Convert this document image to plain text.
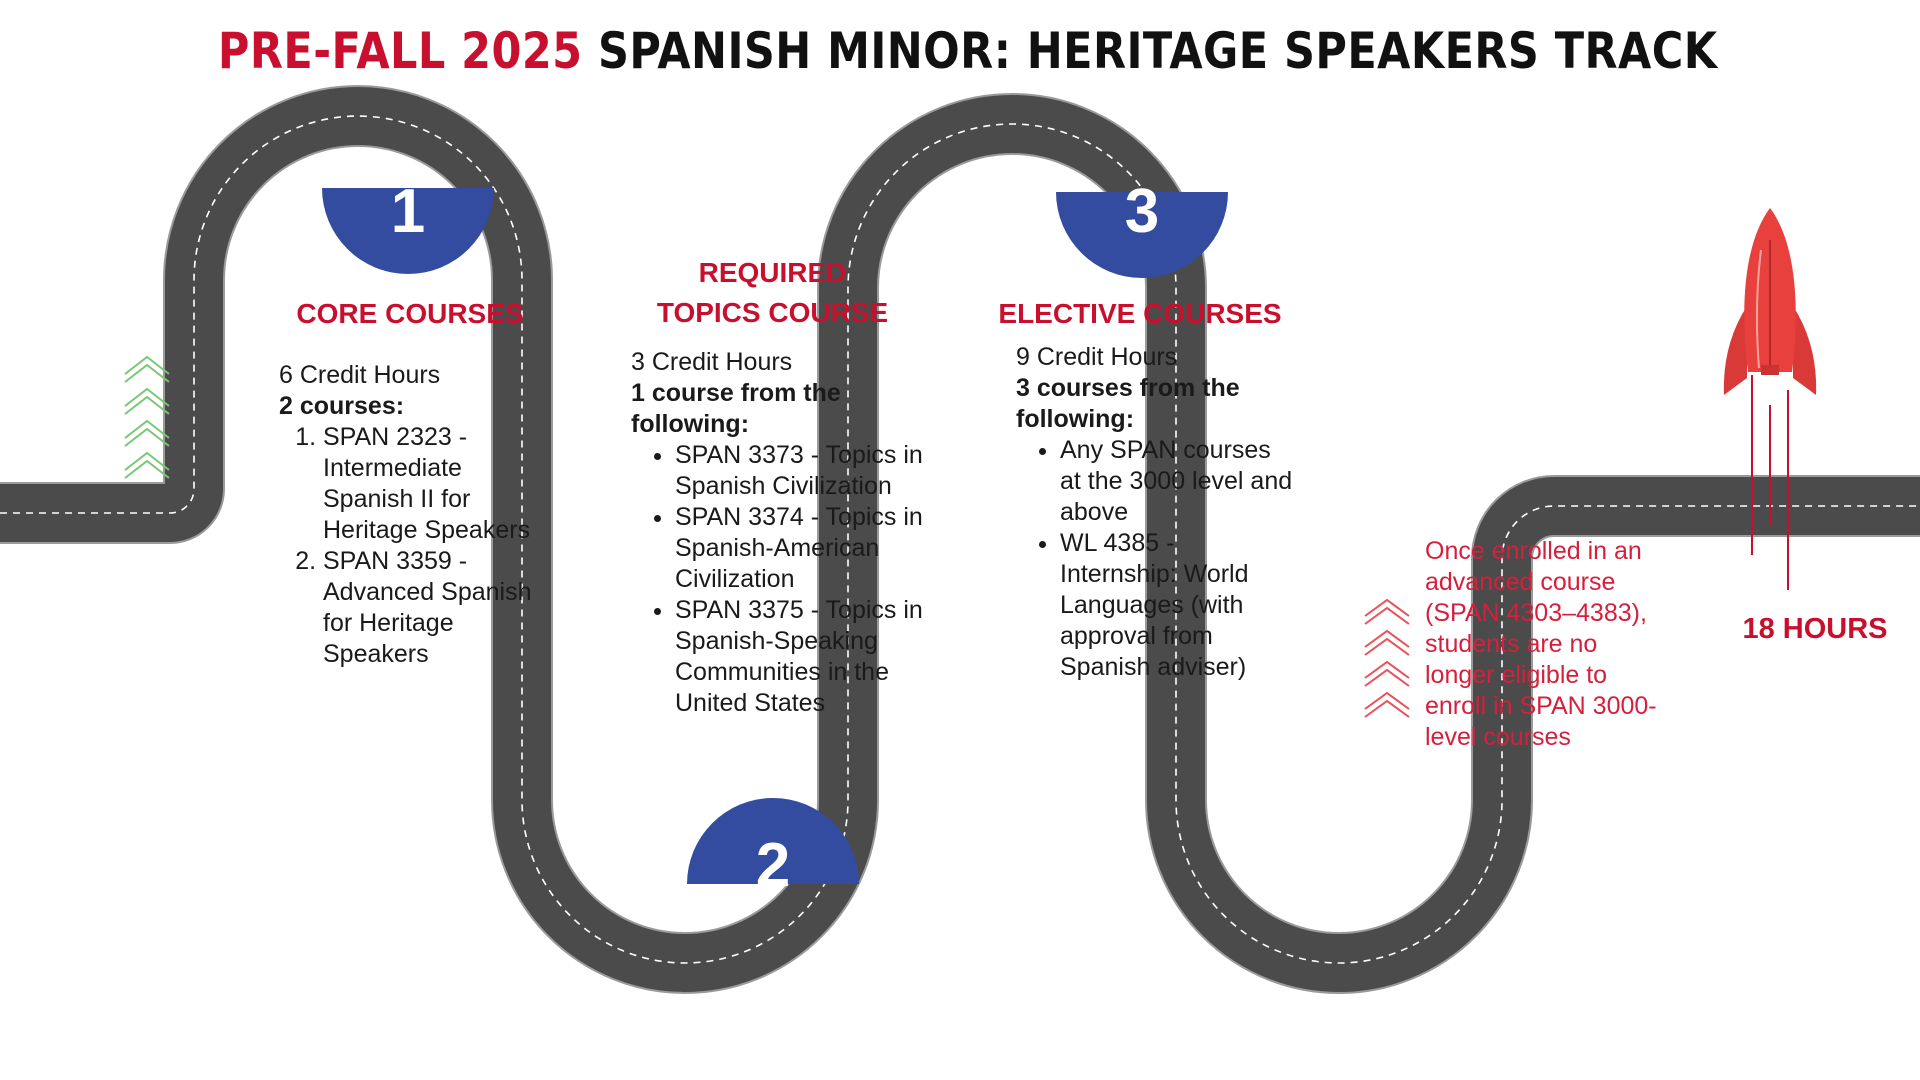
PRE-FALL 2025 SPANISH MINOR: HERITAGE SPEAKERS TRACK
1
2
3
CORE COURSES
REQUIRED
TOPICS COURSE	ELECTIVE COURSES
6 Credit Hours
2 courses:
1. SPAN 2323 - Intermediate Spanish II for Heritage Speakers
2. SPAN 3359 - Advanced Spanish for Heritage Speakers
3 Credit Hours
1 course from the following:
• SPAN 3373 - Topics in Spanish Civilization
• SPAN 3374 - Topics in Spanish-American Civilization
• SPAN 3375 - Topics in Spanish-Speaking Communities in the United States
9 Credit Hours
3 courses from the following:
• Any SPAN courses at the 3000 level and above
• WL 4385 - Internship: World Languages (with approval from Spanish adviser)
Once enrolled in an advanced course (SPAN 4303–4383), students are no longer eligible to enroll in SPAN 3000-level courses
18 HOURS
